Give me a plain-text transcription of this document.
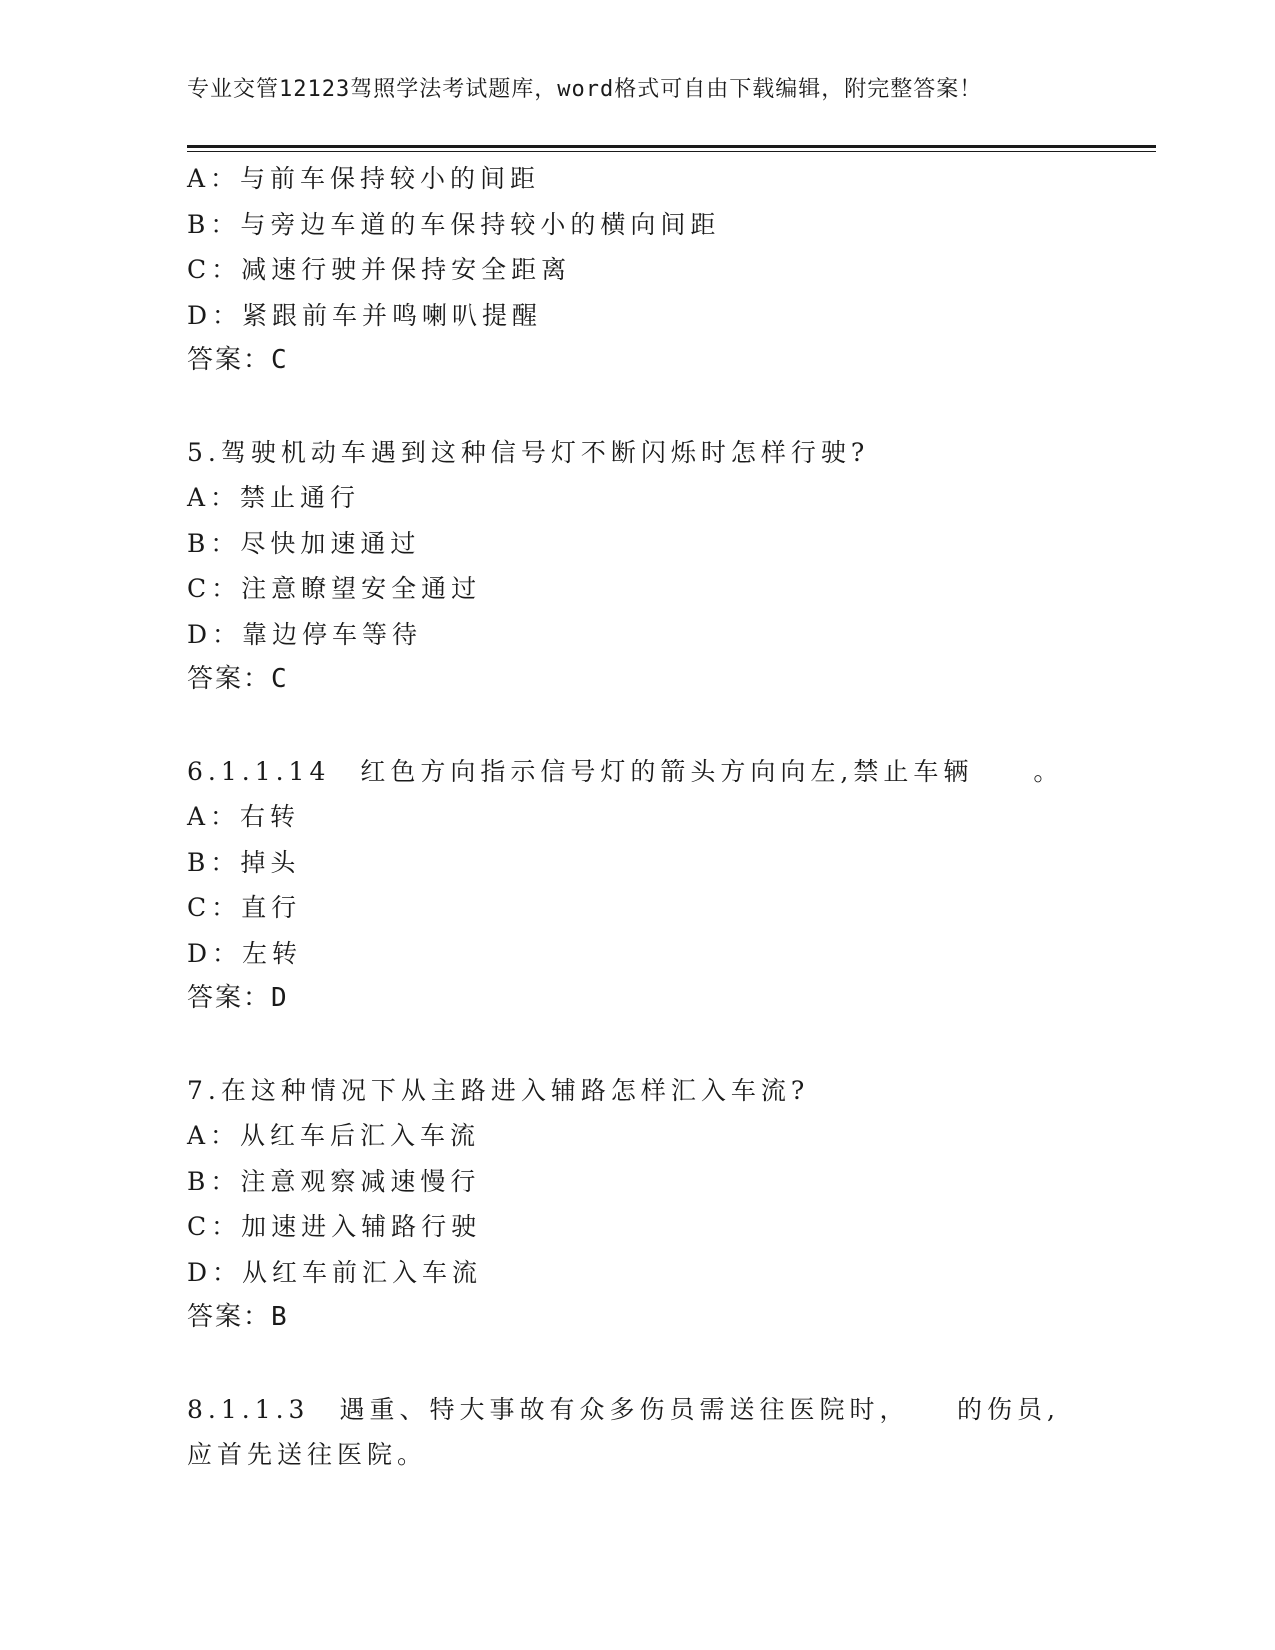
专业交管12123驾照学法考试题库，word格式可自由下载编辑，附完整答案！
A：与前车保持较小的间距
B：与旁边车道的车保持较小的横向间距
C：减速行驶并保持安全距离
D：紧跟前车并鸣喇叭提醒
答案：C
5.驾驶机动车遇到这种信号灯不断闪烁时怎样行驶?
A：禁止通行
B：尽快加速通过
C：注意瞭望安全通过
D：靠边停车等待
答案：C
6.1.1.14　红色方向指示信号灯的箭头方向向左,禁止车辆　　。
A：右转
B：掉头
C：直行
D：左转
答案：D
7.在这种情况下从主路进入辅路怎样汇入车流?
A：从红车后汇入车流
B：注意观察减速慢行
C：加速进入辅路行驶
D：从红车前汇入车流
答案：B
8.1.1.3　遇重、特大事故有众多伤员需送往医院时，　　的伤员,应首先送往医院。
